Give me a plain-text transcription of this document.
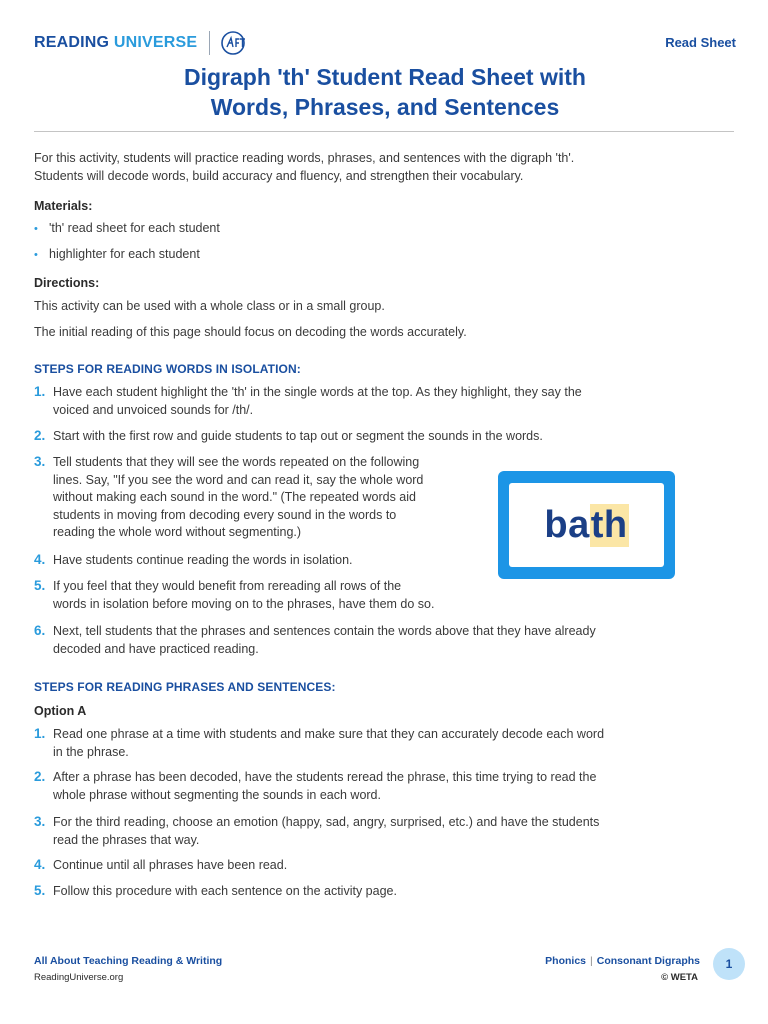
READING UNIVERSE	Read Sheet
Digraph 'th' Student Read Sheet with
Words, Phrases, and Sentences
For this activity, students will practice reading words, phrases, and sentences with the digraph 'th'.
Students will decode words, build accuracy and fluency, and strengthen their vocabulary.
Materials:
• 'th' read sheet for each student
• highlighter for each student
Directions:
This activity can be used with a whole class or in a small group.
The initial reading of this page should focus on decoding the words accurately.
STEPS FOR READING WORDS IN ISOLATION:
1. Have each student highlight the 'th' in the single words at the top. As they highlight, they say the
voiced and unvoiced sounds for /th/.
2. Start with the first row and guide students to tap out or segment the sounds in the words.
3. Tell students that they will see the words repeated on the following
lines. Say, "If you see the word and can read it, say the whole word
without making each sound in the word." (The repeated words aid
students in moving from decoding every sound in the words to
reading the whole word without segmenting.)
4. Have students continue reading the words in isolation.
5. If you feel that they would benefit from rereading all rows of the
words in isolation before moving on to the phrases, have them do so.
6. Next, tell students that the phrases and sentences contain the words above that they have already
decoded and have practiced reading.
ba th
STEPS FOR READING PHRASES AND SENTENCES:
Option A
1. Read one phrase at a time with students and make sure that they can accurately decode each word
in the phrase.
2. After a phrase has been decoded, have the students reread the phrase, this time trying to read the
whole phrase without segmenting the sounds in each word.
3. For the third reading, choose an emotion (happy, sad, angry, surprised, etc.) and have the students
read the phrases that way.
4. Continue until all phrases have been read.
5. Follow this procedure with each sentence on the activity page.
All About Teaching Reading & Writing
ReadingUniverse.org
Phonics | Consonant Digraphs
© WETA
1
